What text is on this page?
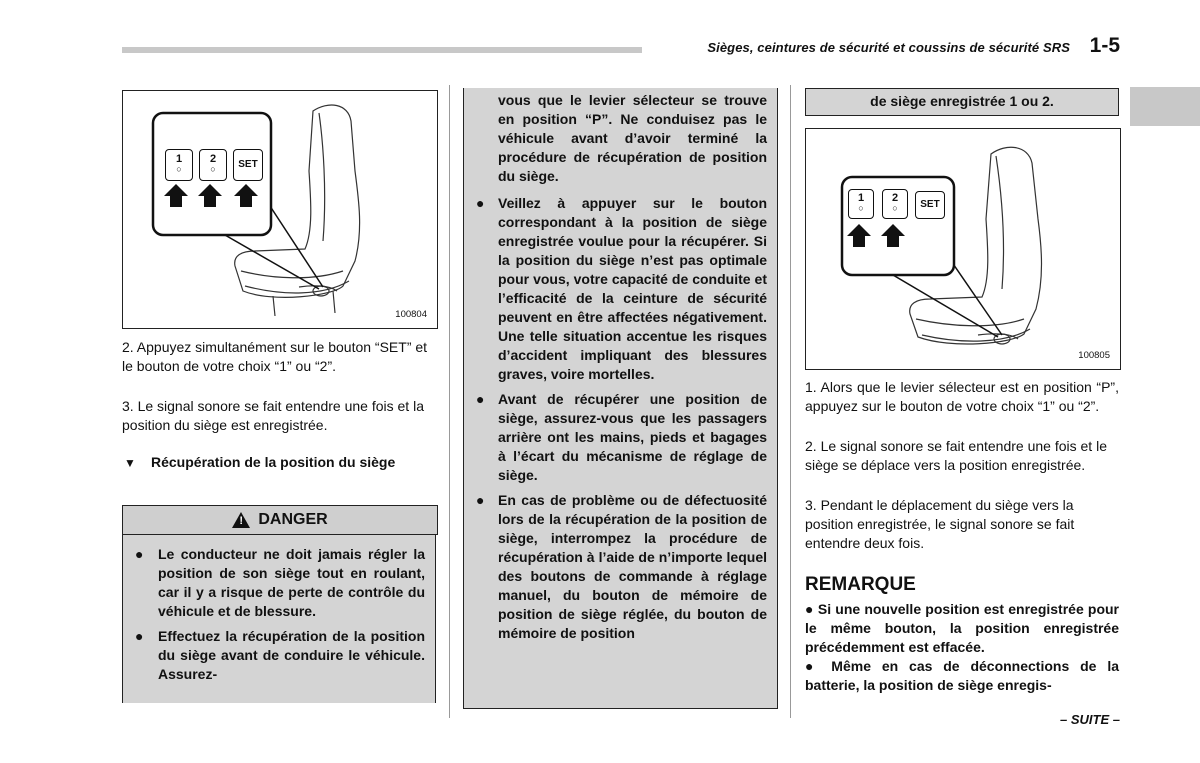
Sièges, ceintures de sécurité et coussins de sécurité SRS 1-5
1
○
2
○	SET
100804
2. Appuyez simultanément sur le bouton “SET” et le bouton de votre choix “1” ou “2”.
3. Le signal sonore se fait entendre une fois et la position du siège est enregistrée.
▼ Récupération de la position du siège
! DANGER
● Le conducteur ne doit jamais régler la position de son siège tout en roulant, car il y a risque de perte de contrôle du véhicule et de blessure.
● Effectuez la récupération de la position du siège avant de conduire le véhicule. Assurez-
vous que le levier sélecteur se trouve en position “P”. Ne conduisez pas le véhicule avant d’avoir terminé la procédure de récupération de position du siège.
● Veillez à appuyer sur le bouton correspondant à la position de siège enregistrée voulue pour la récupérer. Si la position du siège n’est pas optimale pour vous, votre capacité de conduite et l’efficacité de la ceinture de sécurité peuvent en être affectées négativement. Une telle situation accentue les risques d’accident impliquant des blessures graves, voire mortelles.
● Avant de récupérer une position de siège, assurez-vous que les passagers arrière ont les mains, pieds et bagages à l’écart du mécanisme de réglage de siège.
● En cas de problème ou de défectuosité lors de la récupération de la position de siège, interrompez la procédure de récupération à l’aide de n’importe lequel des boutons de commande à réglage manuel, du bouton de mémoire de position de siège réglée, du bouton de mémoire de position
de siège enregistrée 1 ou 2.
1
○
2
○	SET
100805
1. Alors que le levier sélecteur est en position “P”, appuyez sur le bouton de votre choix “1” ou “2”.
2. Le signal sonore se fait entendre une fois et le siège se déplace vers la position enregistrée.
3. Pendant le déplacement du siège vers la position enregistrée, le signal sonore se fait entendre deux fois.
REMARQUE
● Si une nouvelle position est enregistrée pour le même bouton, la position enregistrée précédemment est effacée.
● Même en cas de déconnections de la batterie, la position de siège enregis-
– SUITE –
